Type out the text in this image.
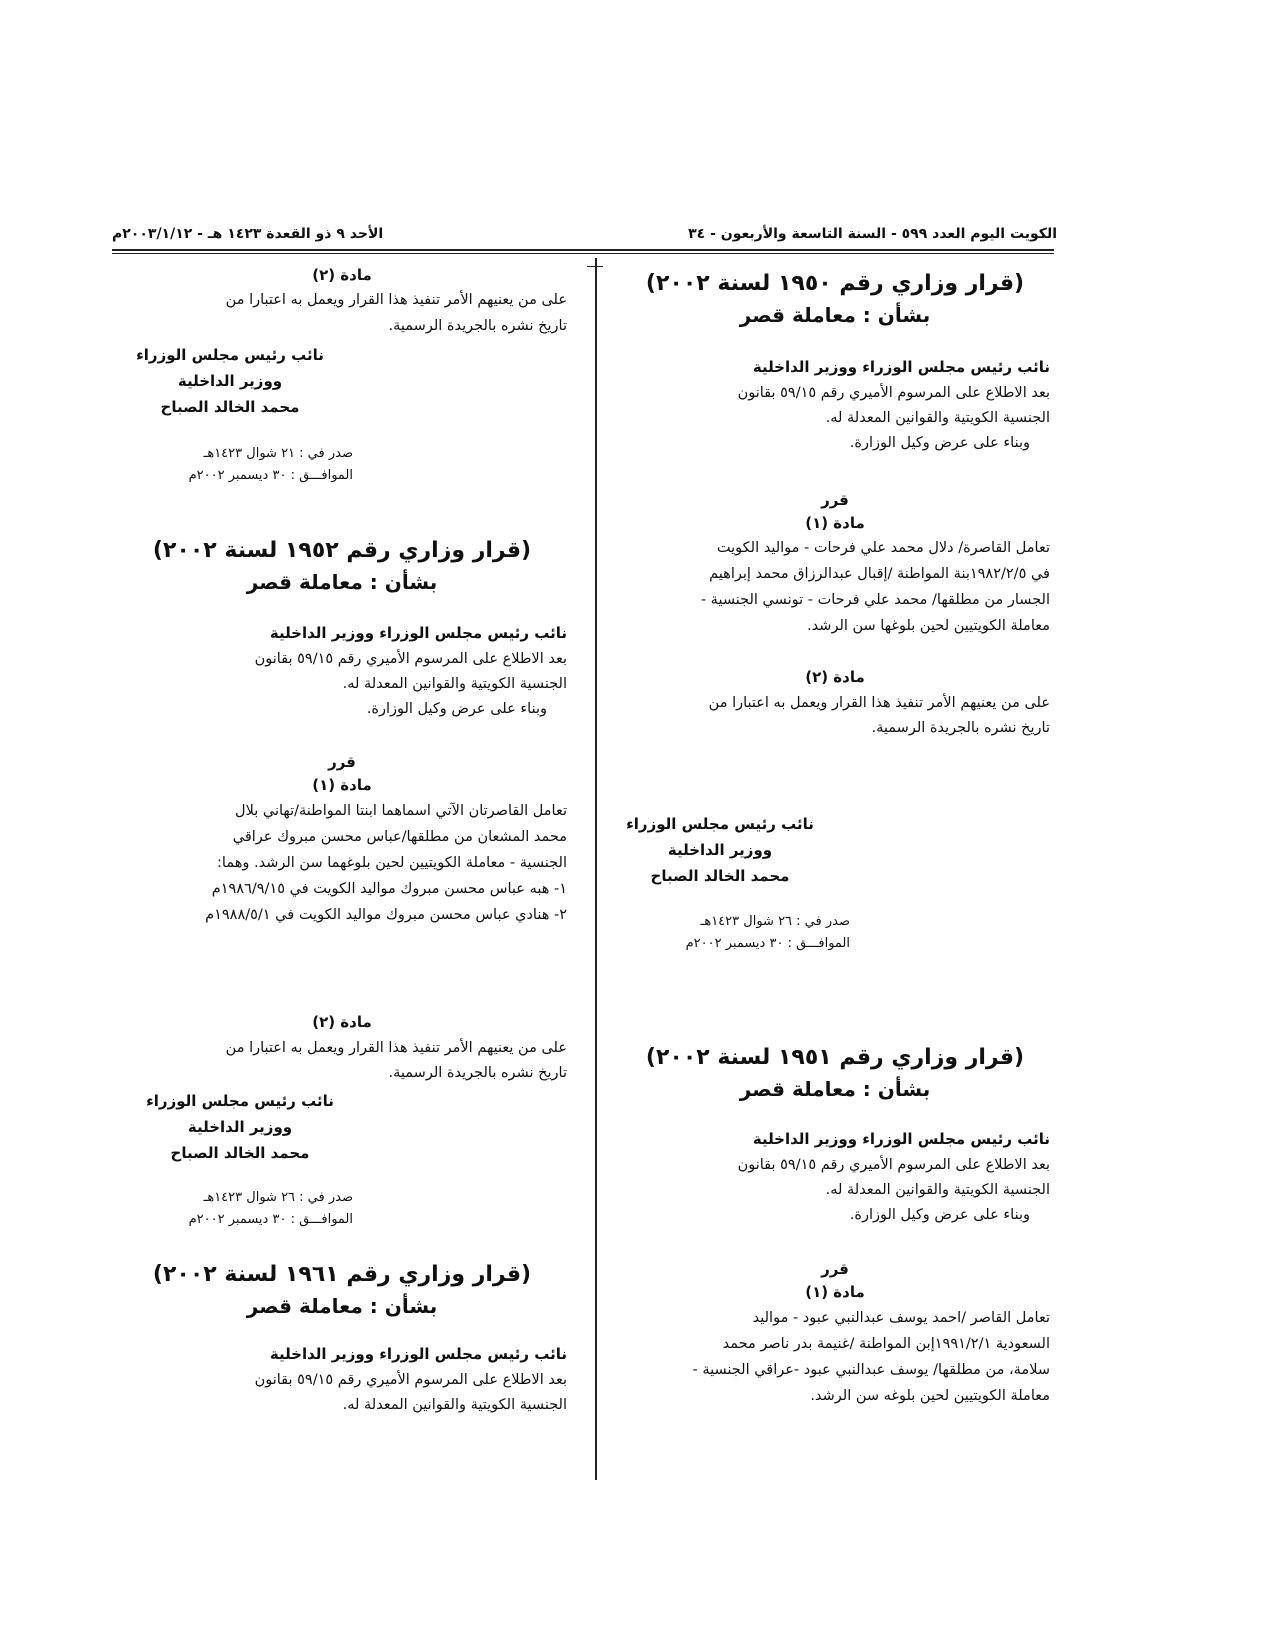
الكويت اليوم العدد ٥٩٩ - السنة التاسعة والأربعون - ٣٤
الأحد ٩ ذو القعدة ١٤٢٣ هـ - ٢٠٠٣/١/١٢م
(قرار وزاري رقم ١٩٥٠ لسنة ٢٠٠٢)
بشأن : معاملة قصر
نائب رئيس مجلس الوزراء ووزير الداخلية
بعد الاطلاع على المرسوم الأميري رقم ٥٩/١٥ بقانون
الجنسية الكويتية والقوانين المعدلة له.
وبناء على عرض وكيل الوزارة.
قرر
مادة (١)
تعامل القاصرة/ دلال محمد علي فرحات - مواليد الكويت
في ١٩٨٢/٢/٥بنة المواطنة /إقبال عبدالرزاق محمد إبراهيم
الجسار من مطلقها/ محمد علي فرحات - تونسي الجنسية -
معاملة الكويتيين لحين بلوغها سن الرشد.
مادة (٢)
على من يعنيهم الأمر تنفيذ هذا القرار ويعمل به اعتبارا من
تاريخ نشره بالجريدة الرسمية.
نائب رئيس مجلس الوزراء
ووزير الداخلية
محمد الخالد الصباح
صدر في : ٢٦ شوال ١٤٢٣هـ
الموافـــق : ٣٠ ديسمبر ٢٠٠٢م
(قرار وزاري رقم ١٩٥١ لسنة ٢٠٠٢)
بشأن : معاملة قصر
نائب رئيس مجلس الوزراء ووزير الداخلية
بعد الاطلاع على المرسوم الأميري رقم ٥٩/١٥ بقانون
الجنسية الكويتية والقوانين المعدلة له.
وبناء على عرض وكيل الوزارة.
قرر
مادة (١)
تعامل القاصر /احمد يوسف عبدالنبي عبود - مواليد
السعودية ١٩٩١/٢/١إبن المواطنة /غنيمة بدر ناصر محمد
سلامة، من مطلقها/ يوسف عبدالنبي عبود -عراقي الجنسية -
معاملة الكويتيين لحين بلوغه سن الرشد.
مادة (٢)
على من يعنيهم الأمر تنفيذ هذا القرار ويعمل به اعتبارا من
تاريخ نشره بالجريدة الرسمية.
نائب رئيس مجلس الوزراء
ووزير الداخلية
محمد الخالد الصباح
صدر في : ٢١ شوال ١٤٢٣هـ
الموافـــق : ٣٠ ديسمبر ٢٠٠٢م
(قرار وزاري رقم ١٩٥٢ لسنة ٢٠٠٢)
بشأن : معاملة قصر
نائب رئيس مجلس الوزراء ووزير الداخلية
بعد الاطلاع على المرسوم الأميري رقم ٥٩/١٥ بقانون
الجنسية الكويتية والقوانين المعدلة له.
وبناء على عرض وكيل الوزارة.
قرر
مادة (١)
تعامل القاصرتان الآتي اسماهما ابنتا المواطنة/تهاني بلال
محمد المشعان من مطلقها/عباس محسن مبروك عراقي
الجنسية - معاملة الكويتيين لحين بلوغهما سن الرشد. وهما:
١- هبه عباس محسن مبروك مواليد الكويت في ١٩٨٦/٩/١٥م
٢- هنادي عباس محسن مبروك مواليد الكويت في ١٩٨٨/٥/١م
مادة (٢)
على من يعنيهم الأمر تنفيذ هذا القرار ويعمل به اعتبارا من
تاريخ نشره بالجريدة الرسمية.
نائب رئيس مجلس الوزراء
ووزير الداخلية
محمد الخالد الصباح
صدر في : ٢٦ شوال ١٤٢٣هـ
الموافـــق : ٣٠ ديسمبر ٢٠٠٢م
(قرار وزاري رقم ١٩٦١ لسنة ٢٠٠٢)
بشأن : معاملة قصر
نائب رئيس مجلس الوزراء ووزير الداخلية
بعد الاطلاع على المرسوم الأميري رقم ٥٩/١٥ بقانون
الجنسية الكويتية والقوانين المعدلة له.
